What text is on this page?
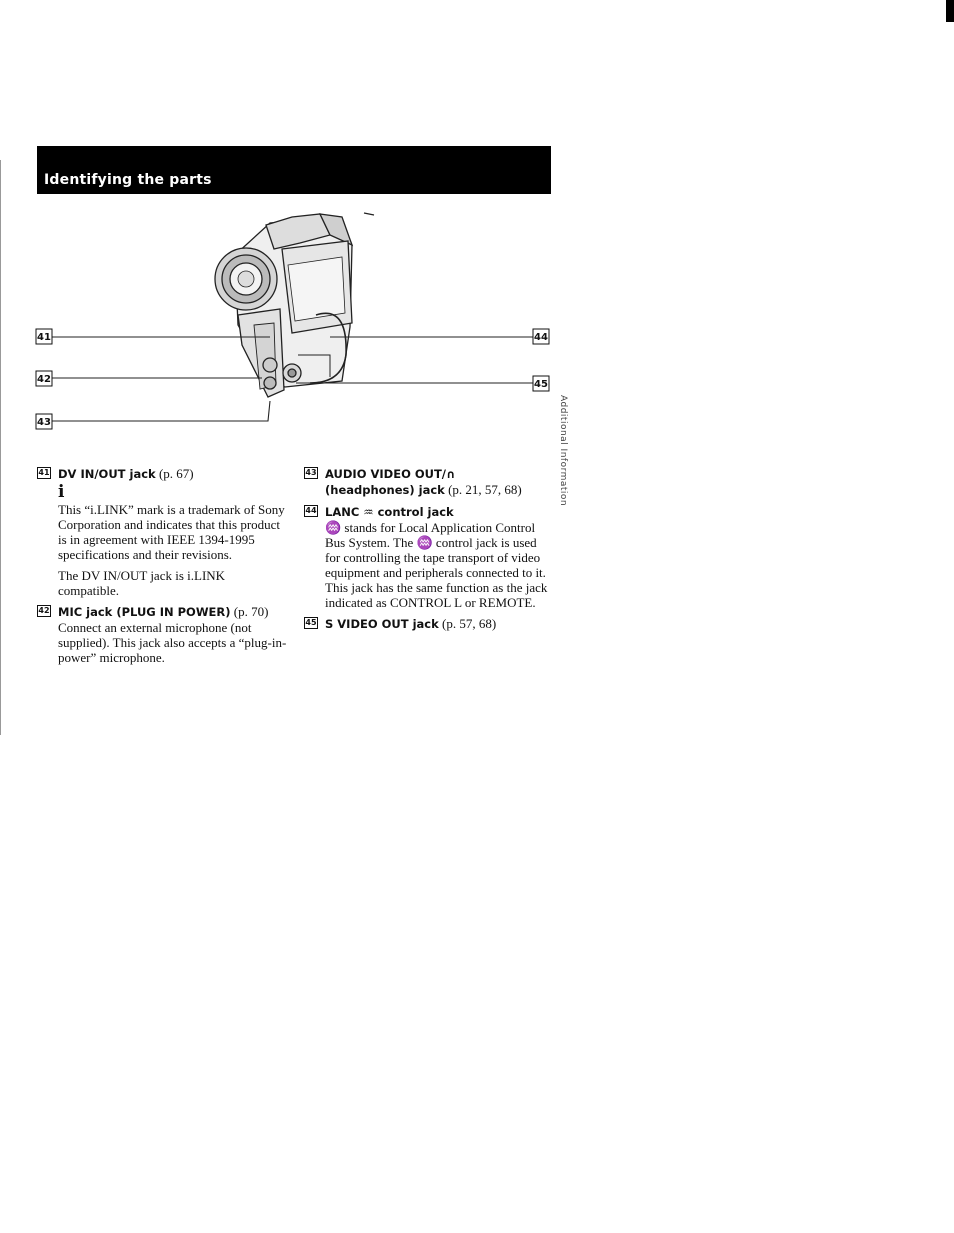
Identifying the parts
Additional Information
41
42
43
44
45
41 DV IN/OUT jack (p. 67)
i

This “i.LINK” mark is a trademark of Sony Corporation and indicates that this product is in agreement with IEEE 1394-1995 specifications and their revisions.

The DV IN/OUT jack is i.LINK compatible.

42 MIC jack (PLUG IN POWER) (p. 70)

Connect an external microphone (not supplied). This jack also accepts a “plug-in-power” microphone.

43 AUDIO VIDEO OUT/∩ (headphones) jack (p. 21, 57, 68)
44 LANC ♒ control jack

♒ stands for Local Application Control Bus System. The ♒ control jack is used for controlling the tape transport of video equipment and peripherals connected to it. This jack has the same function as the jack indicated as CONTROL L or REMOTE.

45 S VIDEO OUT jack (p. 57, 68)
